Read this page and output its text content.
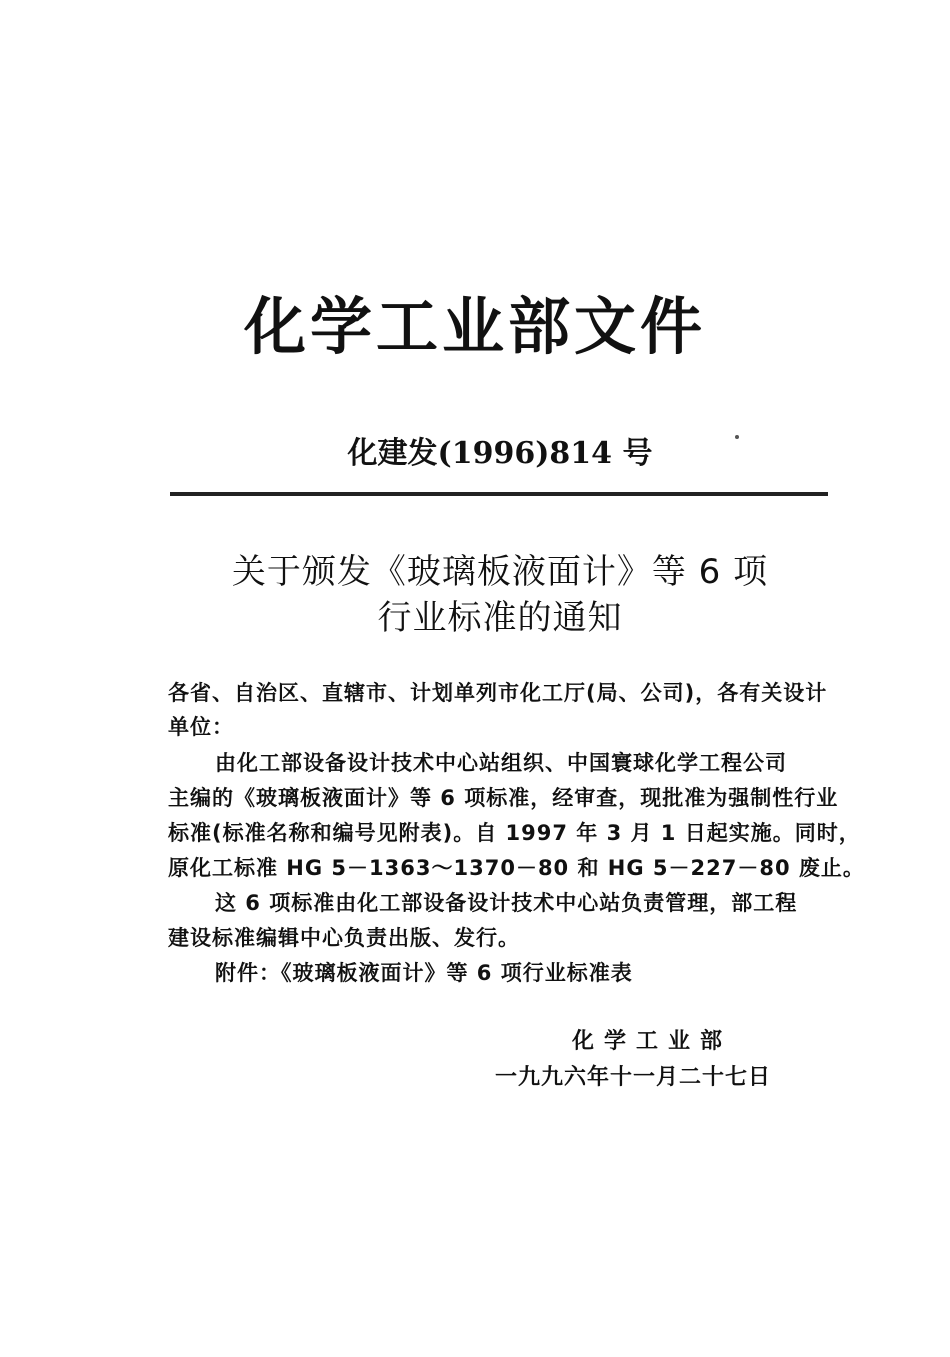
化学工业部文件
化建发(1996)814 号
关于颁发《玻璃板液面计》等 6 项
行业标准的通知
各省、自治区、直辖市、计划单列市化工厅(局、公司)，各有关设计
单位：
由化工部设备设计技术中心站组织、中国寰球化学工程公司
主编的《玻璃板液面计》等 6 项标准，经审查，现批准为强制性行业
标准(标准名称和编号见附表)。自 1997 年 3 月 1 日起实施。同时，
原化工标准 HG 5－1363～1370－80 和 HG 5－227－80 废止。
这 6 项标准由化工部设备设计技术中心站负责管理，部工程
建设标准编辑中心负责出版、发行。
附件：《玻璃板液面计》等 6 项行业标准表
化学工业部
一九九六年十一月二十七日
